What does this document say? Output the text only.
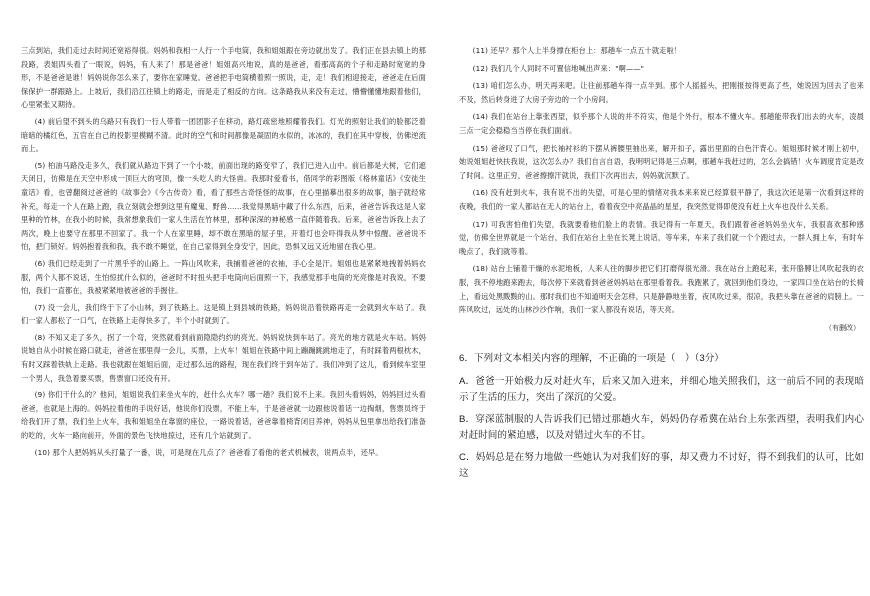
三点到站，我们走过去时间还宽裕得很。妈妈和我相一人行一个手电筒，我和姐姐跟在旁边就出发了。我们正在县去镇上的那段路，表姐四头看了一眼说，妈妈，有人来了！那是爸爸！姐姐高兴地说，真的是爸爸，看那高高的个子和走路时宽宽的身形，不是爸爸是谁！妈妈说你怎么来了，要你在家睡觉。爸爸把手电筒横着照一照说，走，走！我们相迎接走，爸爸走在后面保保护一群跟路上。上坡后，我们沿江往镇上的路走，而是走了相反的方向。这条路我从来没有走过，懵懵懂懂地跟着他们，心里紧张又期待。

(4) 前后望不到头的乌路只有我们一行人带着一团团影子在移动，路灯疏密地照耀着我们。灯光的照射让我们的脸都泛着暗暗的橘红色，五官在自己的投影里模糊不清。此时的空气和时间都像是凝固的水似的，冰冰的，我们在其中穿梭，仿佛逆流而上。

(5) 柏油马路没走多久，我们就从路边下到了一个小坡，前面出现的路变窄了，我们已进入山中。前后都是大树，它们遮天闭日，仿佛是在天空中形成一顶巨大的穹顶，像一头吃人的大怪兽。我那时爱看书，借同学的彩图版《格林童话》《安徒生童话》看，也曾翻阅过爸爸的《故事会》《今古传奇》看，看了那些古奇怪怪的故事，在心里描摹出很多的故事，脑子就经常补充，每走一个人在路上跑，我立刻就会想到这里有魔鬼、野兽……我觉得黑暗中藏了什么东西，后来，爸爸告诉我这是人家里种的竹林，在我小的时候，我常想象我们一家人生活在竹林里，那种深深的神秘感一直伴随着我。后来，爸爸告诉我上去了两次，晚上也要守在那里不回家了。我一个人在家里睡，却不敢在黑暗的屋子里，开着灯也会吓得我从梦中惊醒。爸爸说不怕，把门锁好。妈妈抱着我和我，我不敢不睡觉，在自己家得到全身安宁，因此，恐惧又远又近地留在我心里。

(6) 我们已经走到了一片黑乎乎的山路上。一阵山风吹来，我捕着爸爸的衣袖，手心全是汗。姐姐也是紧紧地拽着妈妈衣服，两个人都不说话，生怕惊扰什么似的，爸爸时不时扭头把手电筒向后面照一下，我感觉那手电筒的光亮像是对我说，不要怕，我们一直都在，我被紧紧地被爸爸的手握住。

(7) 没一会儿，我们终于下了小山林，到了铁路上。这是镇上到县城的铁路，妈妈说沿着铁路再走一会就到火车站了。我们一家人都松了一口气，在铁路上走得快多了，半个小时就到了。

(8) 不知又走了多久，拐了一个弯，突然就看到前面隐隐约约的亮光。妈妈说快到车站了。亮光的地方就是火车站。妈妈说她自从小时候在路口就走，爸爸在那里得一会儿，买票，上火车！姐姐在铁路中间上蹦蹦跳跳地走了，有时踩着两根枕木，有时又踩着铁轨上走路。我也就跟在姐姐后面，走过那么远的路程，现在我们终于到车站了。我们冲到了这儿，看到候车室里一个男人，我急着要买票，售票窗口还没有开。

(9) 你们干什么的？他问，姐姐说我们来坐火车的，赶什么火车？哪一趟？我们说不上来。我回头看妈妈，妈妈回过头看爸爸，也就是上海的。妈妈拉着他的手说好话，他说你们没票，不能上车，于是爸爸就一边跟他说着话一边掏烟，售票员终于给我们开了票，我们坐上火车，我和姐姐坐在靠窗的座位，一路说着话，爸爸靠着椅背闭目养神，妈妈从包里拿出给我们准备的吃的，火车一路向前开，外面的景色飞快地掠过，还有几个站就到了。

(10) 那个人把妈妈从头打量了一番，说，可是现在几点了？爸爸看了看他的老式机械表，说两点半，还早。

(11) 还早？那个人上半身撑在柜台上：那趟车一点五十就走啦！

(12) 我们几个人同时不可置信地喊出声来："啊——"

(13) 咱们怎么办，明天再来吧。让往前那趟车得一点半到。那个人摇摇头，把刚报按得更高了些，她说因为回去了也来不及，然后转身进了大房子旁边的一个小房间。

(14) 我们在站台上靠张西望，似乎那个人说的并不符实，他是个外行，根本不懂火车。那趟能带我们出去的火车，凌晨三点一定会稳稳当当停在我们面前。

(15) 爸爸叹了口气，把长袖衬衫的下摆从裤腰里抽出来，解开扣子，露出里面的白色汗背心。姐姐那时候才刚上初中，她说姐姐赶快扶我说，这次怎么办？我们自言自语，我明明记得是三点啊，那趟车我赶过的，怎么会搞错！火车调度肯定是改了时间。这里正穷，爸爸擦擦汗就说，我们下次再出去，妈妈就沉默了。

(16) 没有赶到火车，我有说不出的失望，可是心里的情绪对我本来来说已经算很平静了，我这次还是第一次看到这样的夜晚，我们的一家人都站在无人的站台上，看着夜空中亮晶晶的星星，我突然觉得即使没有赶上火车也没什么关系。

(17) 可我害怕他们失望，我就要看他们脸上的表情。我记得有一年夏天，我们跟着爸爸妈妈坐火车，我很喜欢那种感觉，仿佛全世界就是一个站台，我们在站台上坐在长凳上说话，等车来，车来了我们就一个个跑过去，一群人拥上车，有时车晚点了，我们就等着。

(18) 站台上铺着干燥的水泥地板，人来人往的脚步把它们打磨得很光滑。我在站台上跑起来，张开胳膊让风吹起我的衣服，我不停地跑来跑去，每次停下来就看到爸爸妈妈站在那里看着我。我跑累了，就回到他们身边，一家四口坐在站台的长椅上，看远处黑黢黢的山。那时我们也不知道明天会怎样，只是静静地坐着，夜风吹过来，很凉，我把头靠在爸爸的肩膀上。一阵风吹过，远处的山林沙沙作响，我们一家人都没有说话，等天亮。

（有删改）

6．下列对文本相关内容的理解，不正确的一项是（　）（3分）

A．爸爸一开始极力反对赶火车，后来又加入进来，并细心地关照我们，这一前后不同的表现暗示了生活的压力，突出了深沉的父爱。

B．穿深蓝制服的人告诉我们已错过那趟火车，妈妈仍存希冀在站台上东张西望，表明我们内心对赶时间的紧迫感，以及对错过火车的不甘。

C．妈妈总是在努力地做一些她认为对我们好的事，却又费力不讨好，得不到我们的认可，比如这
